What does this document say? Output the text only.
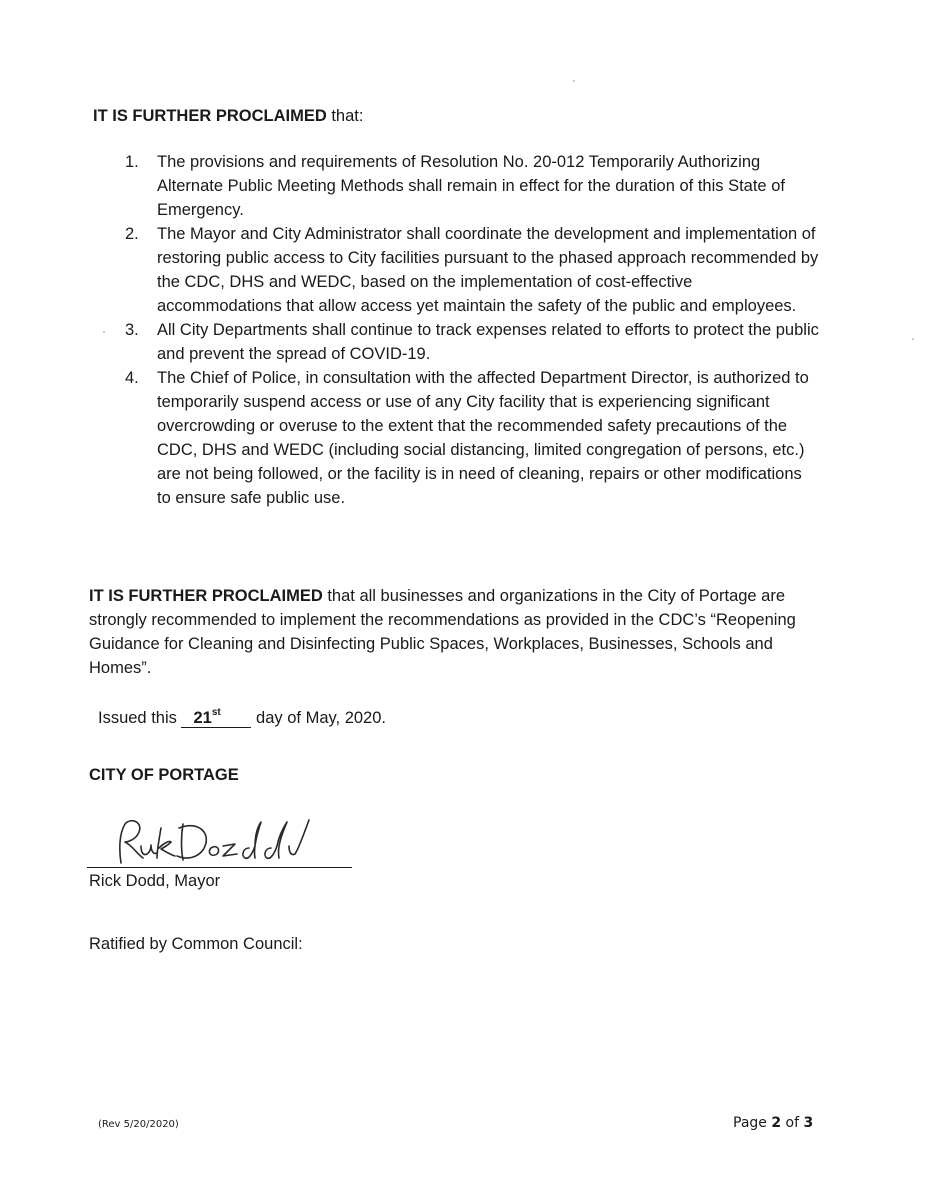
IT IS FURTHER PROCLAIMED that:

1. The provisions and requirements of Resolution No. 20-012 Temporarily Authorizing Alternate Public Meeting Methods shall remain in effect for the duration of this State of Emergency.
2. The Mayor and City Administrator shall coordinate the development and implementation of restoring public access to City facilities pursuant to the phased approach recommended by the CDC, DHS and WEDC, based on the implementation of cost-effective accommodations that allow access yet maintain the safety of the public and employees.
3. All City Departments shall continue to track expenses related to efforts to protect the public and prevent the spread of COVID-19.
4. The Chief of Police, in consultation with the affected Department Director, is authorized to temporarily suspend access or use of any City facility that is experiencing significant overcrowding or overuse to the extent that the recommended safety precautions of the CDC, DHS and WEDC (including social distancing, limited congregation of persons, etc.) are not being followed, or the facility is in need of cleaning, repairs or other modifications to ensure safe public use.

IT IS FURTHER PROCLAIMED that all businesses and organizations in the City of Portage are strongly recommended to implement the recommendations as provided in the CDC’s “Reopening Guidance for Cleaning and Disinfecting Public Spaces, Workplaces, Businesses, Schools and Homes”.

Issued this 21st day of May, 2020.
CITY OF PORTAGE
Rick Dodd, Mayor
Ratified by Common Council:
(Rev 5/20/2020)	Page 2 of 3
